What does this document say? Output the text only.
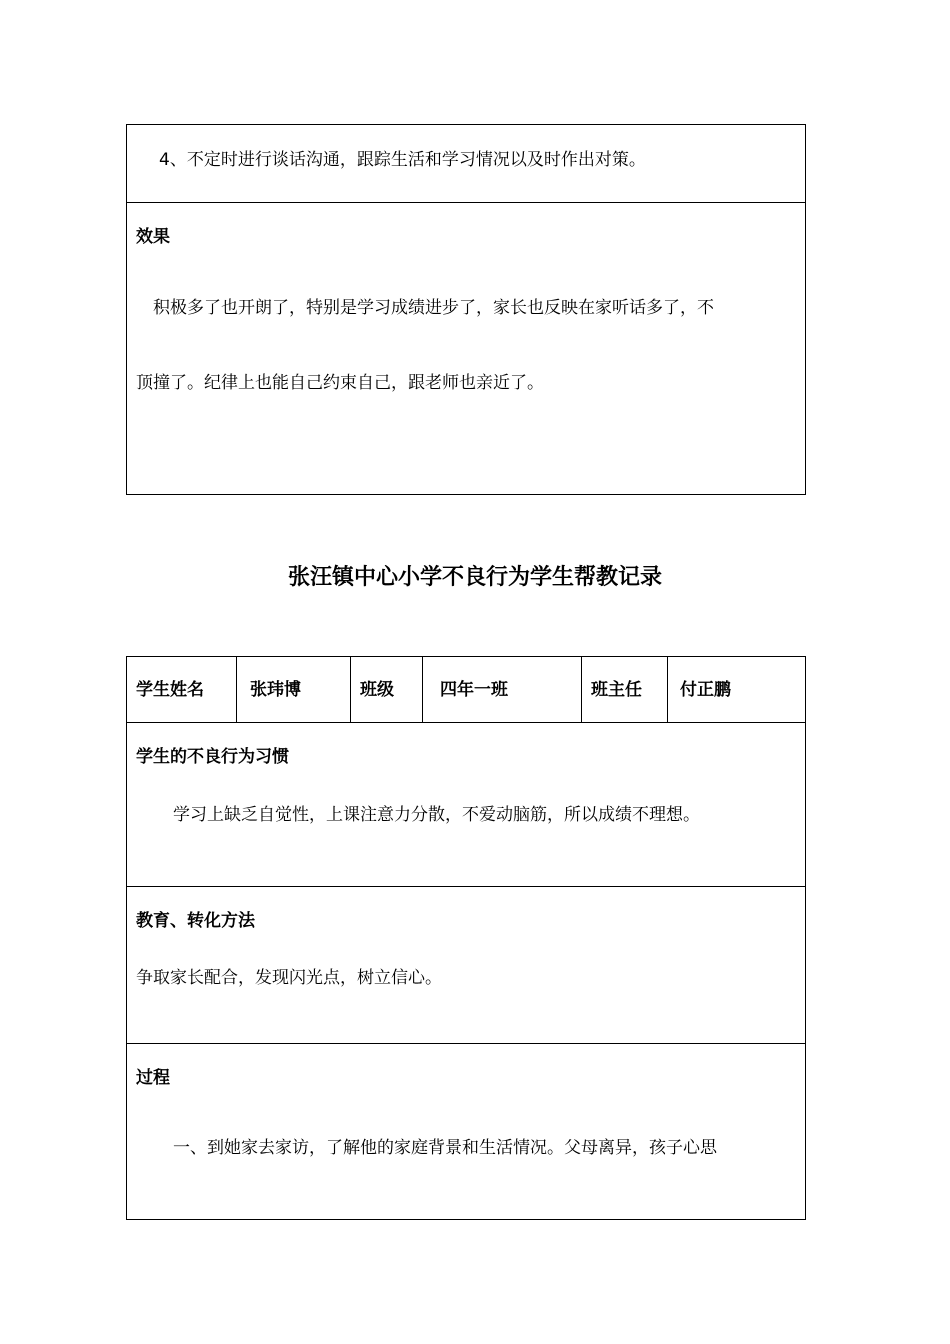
4、不定时进行谈话沟通，跟踪生活和学习情况以及时作出对策。
效果
积极多了也开朗了，特别是学习成绩进步了，家长也反映在家听话多了，不
顶撞了。纪律上也能自己约束自己，跟老师也亲近了。
张汪镇中心小学不良行为学生帮教记录
学生姓名	张玮博	班级	四年一班	班主任 付正鹏
学生的不良行为习惯
学习上缺乏自觉性，上课注意力分散，不爱动脑筋，所以成绩不理想。
教育、转化方法
争取家长配合，发现闪光点，树立信心。
过程
一、到她家去家访，了解他的家庭背景和生活情况。父母离异，孩子心思
